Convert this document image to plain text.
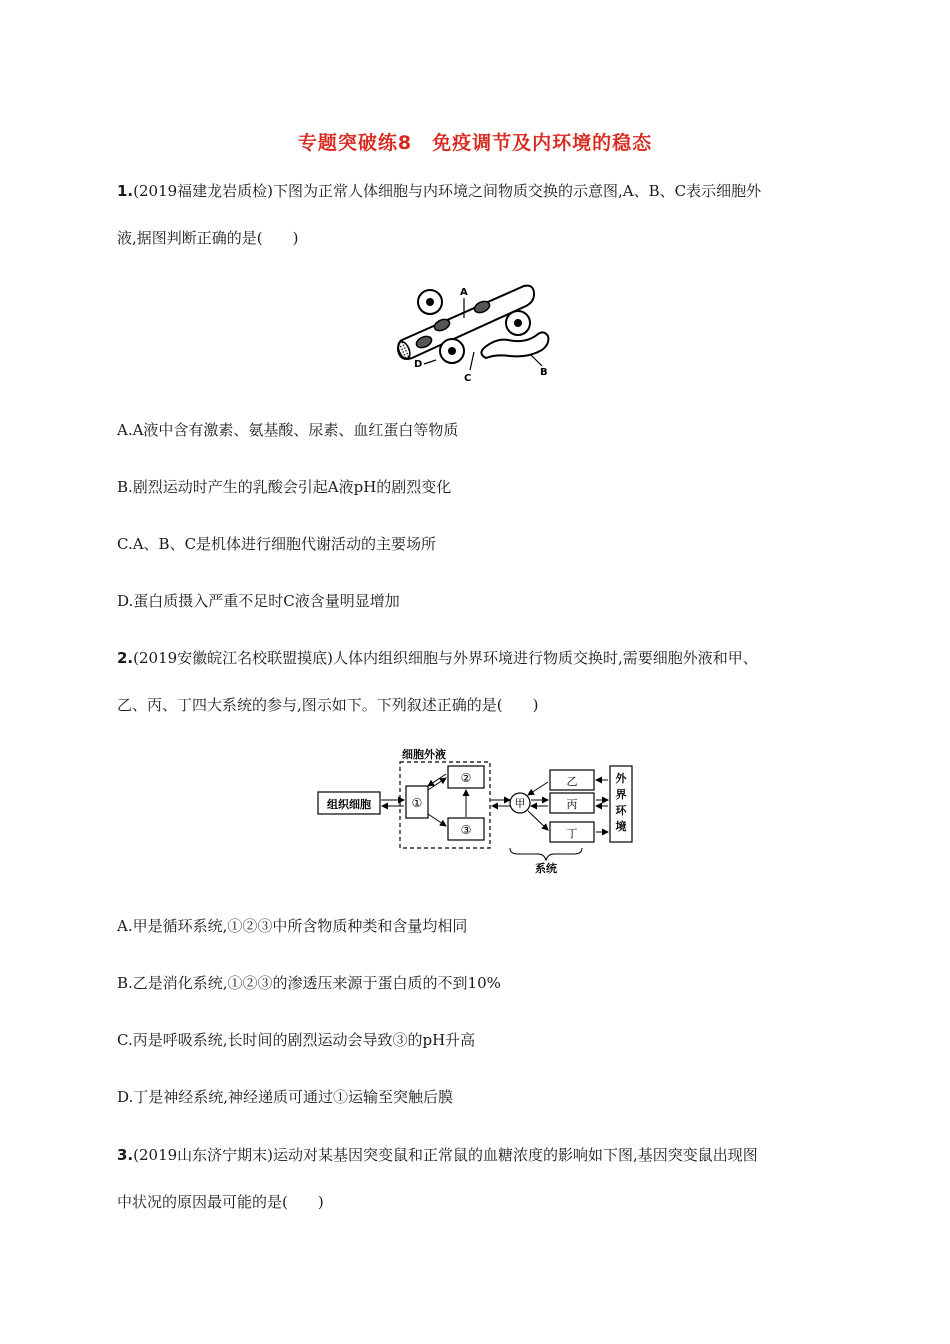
专题突破练8　免疫调节及内环境的稳态
1.(2019福建龙岩质检)下图为正常人体细胞与内环境之间物质交换的示意图,A、B、C表示细胞外
液,据图判断正确的是(　　)
A
D
C
B
A.A液中含有激素、氨基酸、尿素、血红蛋白等物质
B.剧烈运动时产生的乳酸会引起A液pH的剧烈变化
C.A、B、C是机体进行细胞代谢活动的主要场所
D.蛋白质摄入严重不足时C液含量明显增加
2.(2019安徽皖江名校联盟摸底)人体内组织细胞与外界环境进行物质交换时,需要细胞外液和甲、
乙、丙、丁四大系统的参与,图示如下。下列叙述正确的是(　　)
细胞外液
组织细胞	①
②
③
甲
乙
丙
丁
外
界
环
境
系统
A.甲是循环系统,①②③中所含物质种类和含量均相同
B.乙是消化系统,①②③的渗透压来源于蛋白质的不到10%
C.丙是呼吸系统,长时间的剧烈运动会导致③的pH升高
D.丁是神经系统,神经递质可通过①运输至突触后膜
3.(2019山东济宁期末)运动对某基因突变鼠和正常鼠的血糖浓度的影响如下图,基因突变鼠出现图
中状况的原因最可能的是(　　)
